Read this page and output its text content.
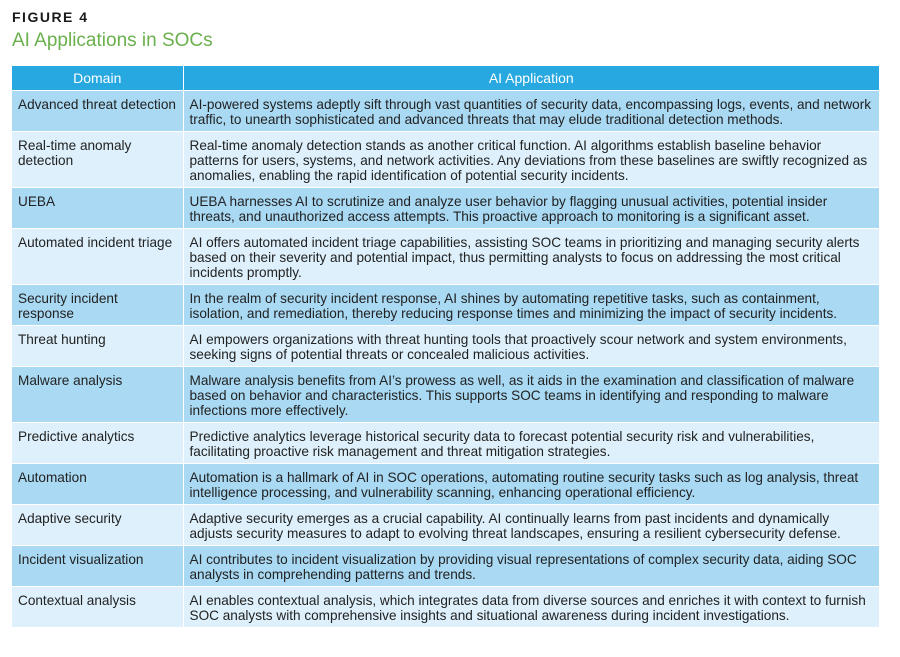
FIGURE 4
AI Applications in SOCs
Domain	AI Application
Advanced threat detection	AI-powered systems adeptly sift through vast quantities of security data, encompassing logs, events, and network traffic, to unearth sophisticated and advanced threats that may elude traditional detection methods.
Real-time anomaly detection	Real-time anomaly detection stands as another critical function. AI algorithms establish baseline behavior patterns for users, systems, and network activities. Any deviations from these baselines are swiftly recognized as anomalies, enabling the rapid identification of potential security incidents.
UEBA	UEBA harnesses AI to scrutinize and analyze user behavior by flagging unusual activities, potential insider threats, and unauthorized access attempts. This proactive approach to monitoring is a significant asset.
Automated incident triage	AI offers automated incident triage capabilities, assisting SOC teams in prioritizing and managing security alerts based on their severity and potential impact, thus permitting analysts to focus on addressing the most critical incidents promptly.
Security incident response	In the realm of security incident response, AI shines by automating repetitive tasks, such as containment, isolation, and remediation, thereby reducing response times and minimizing the impact of security incidents.
Threat hunting	AI empowers organizations with threat hunting tools that proactively scour network and system environments, seeking signs of potential threats or concealed malicious activities.
Malware analysis	Malware analysis benefits from AI’s prowess as well, as it aids in the examination and classification of malware based on behavior and characteristics. This supports SOC teams in identifying and responding to malware infections more effectively.
Predictive analytics	Predictive analytics leverage historical security data to forecast potential security risk and vulnerabilities, facilitating proactive risk management and threat mitigation strategies.
Automation	Automation is a hallmark of AI in SOC operations, automating routine security tasks such as log analysis, threat intelligence processing, and vulnerability scanning, enhancing operational efficiency.
Adaptive security	Adaptive security emerges as a crucial capability. AI continually learns from past incidents and dynamically adjusts security measures to adapt to evolving threat landscapes, ensuring a resilient cybersecurity defense.
Incident visualization	AI contributes to incident visualization by providing visual representations of complex security data, aiding SOC analysts in comprehending patterns and trends.
Contextual analysis	AI enables contextual analysis, which integrates data from diverse sources and enriches it with context to furnish SOC analysts with comprehensive insights and situational awareness during incident investigations.
